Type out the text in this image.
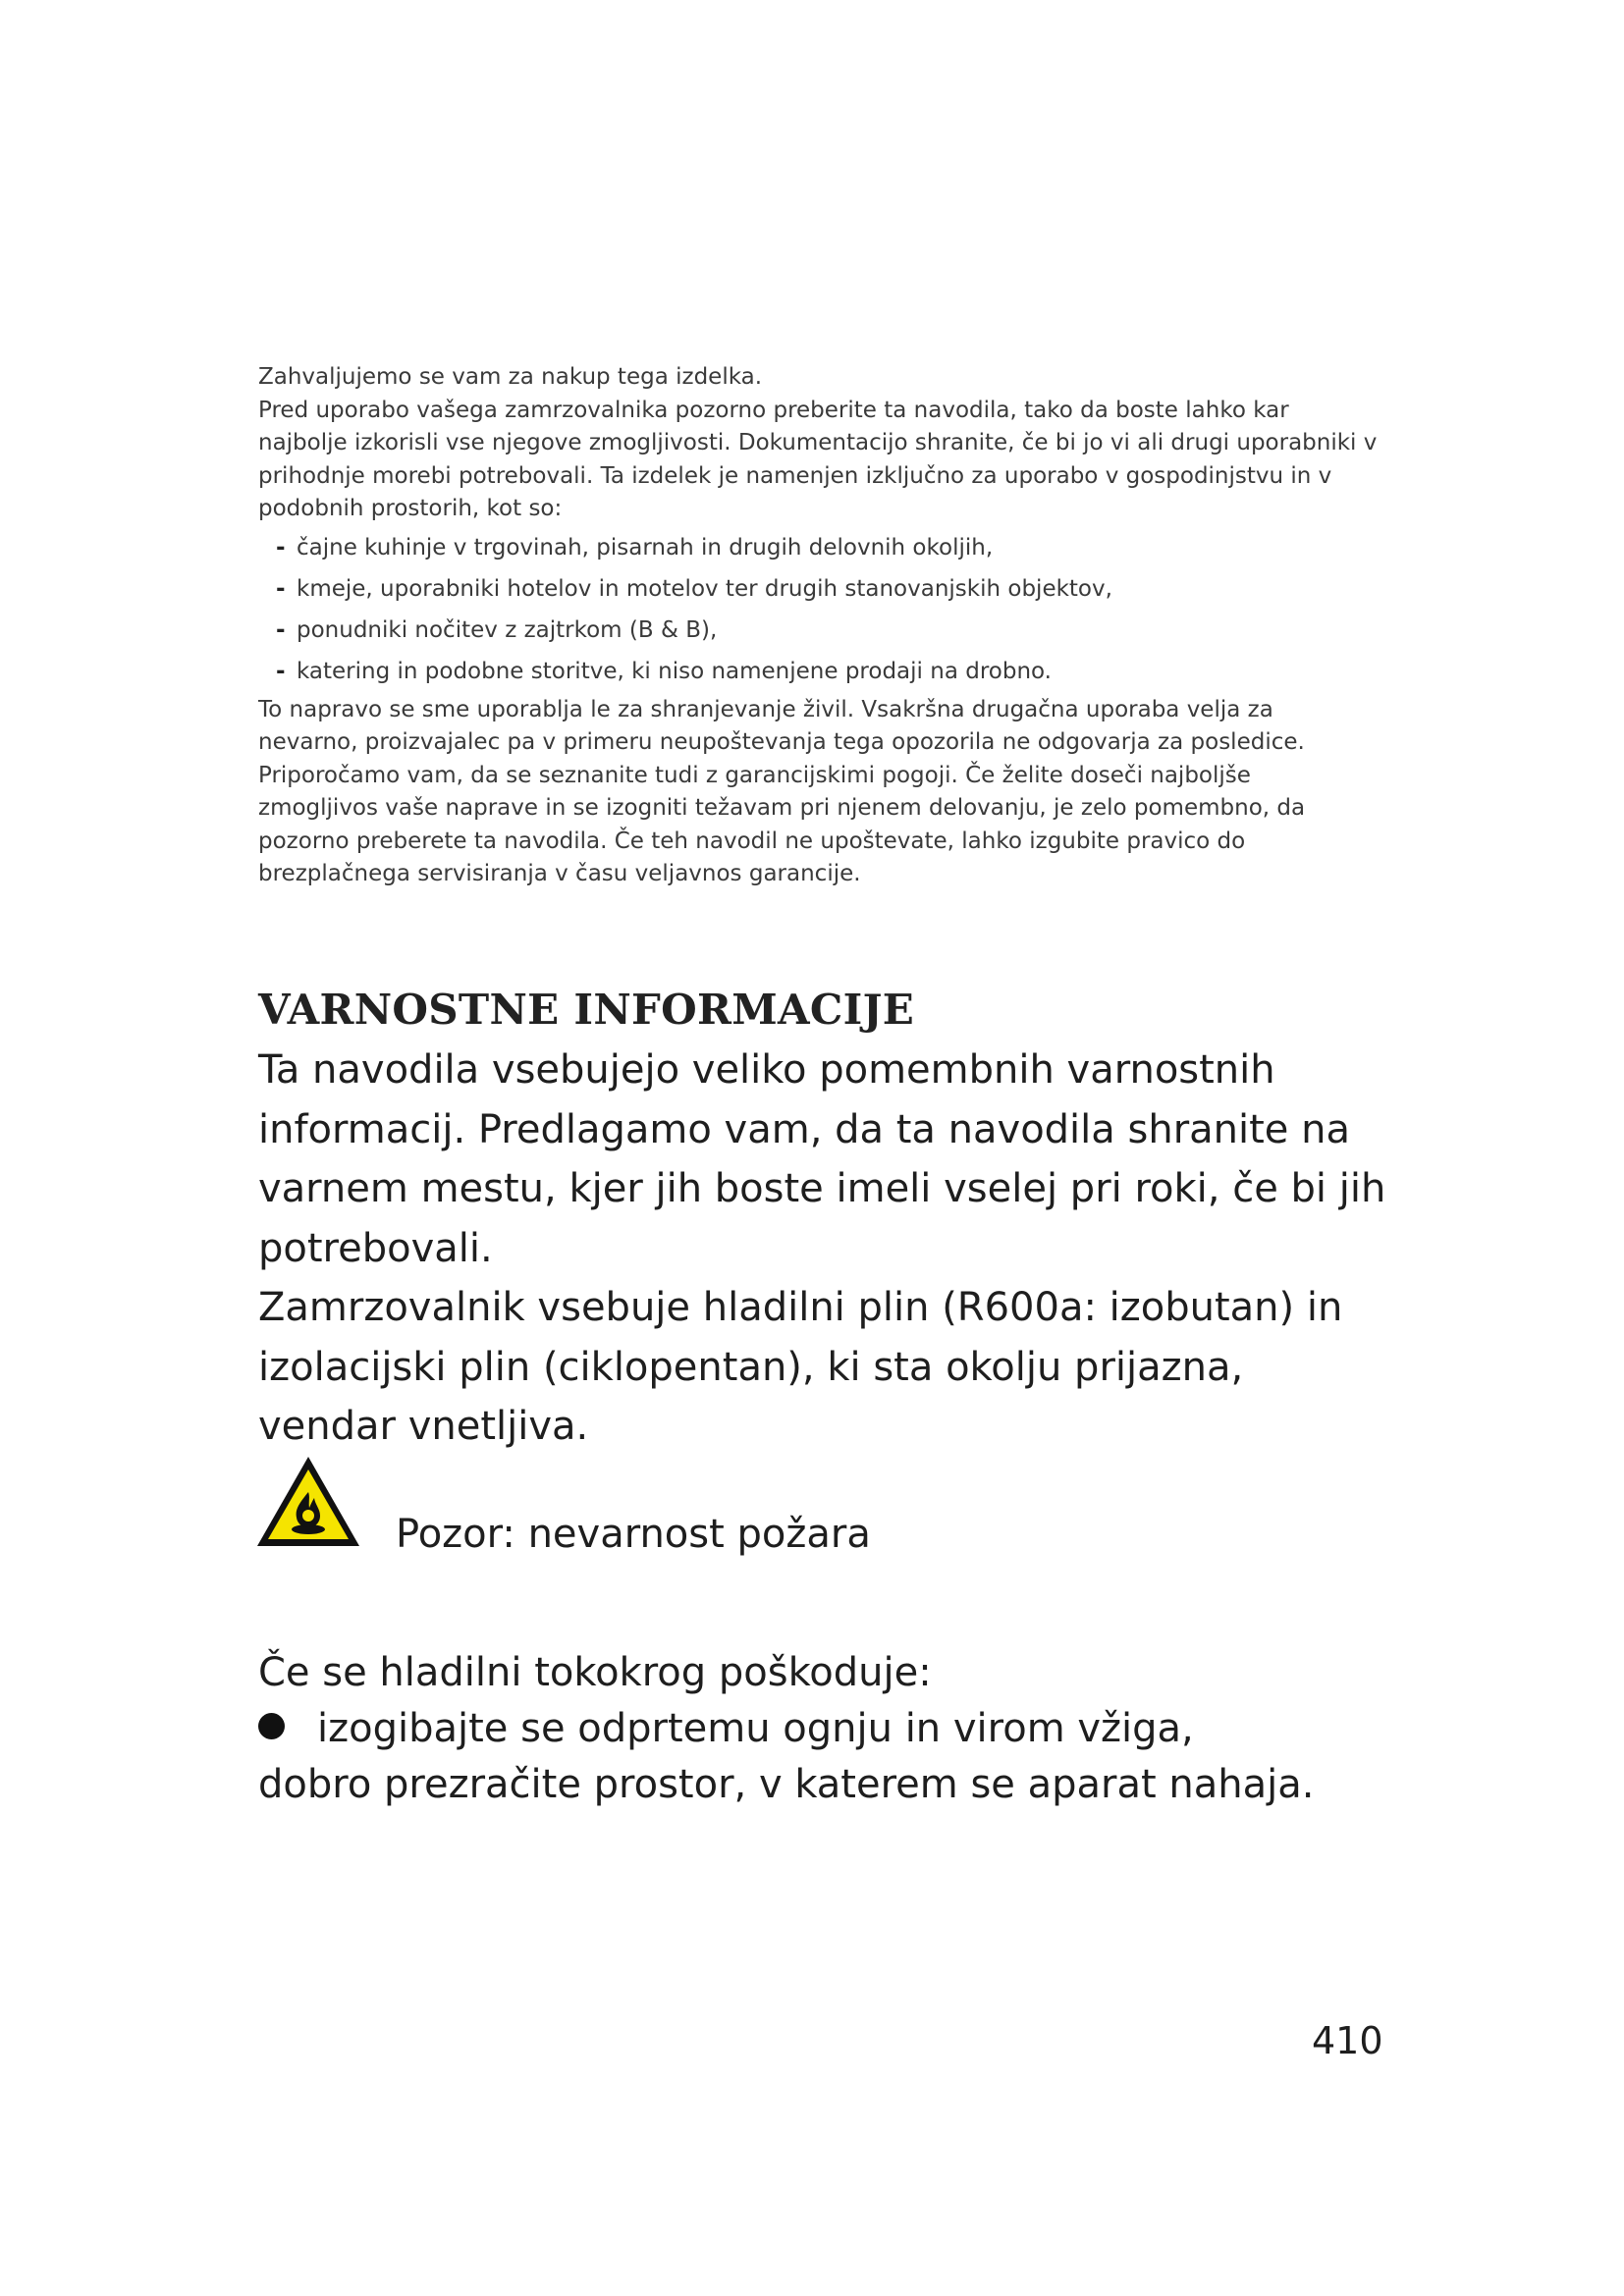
Zahvaljujemo se vam za nakup tega izdelka.

Pred uporabo vašega zamrzovalnika pozorno preberite ta navodila, tako da boste lahko kar najbolje izkorisli vse njegove zmogljivosti. Dokumentacijo shranite, če bi jo vi ali drugi uporabniki v prihodnje morebi potrebovali. Ta izdelek je namenjen izključno za uporabo v gospodinjstvu in v podobnih prostorih, kot so:

- čajne kuhinje v trgovinah, pisarnah in drugih delovnih okoljih,
- kmeje, uporabniki hotelov in motelov ter drugih stanovanjskih objektov,
- ponudniki nočitev z zajtrkom (B & B),
- katering in podobne storitve, ki niso namenjene prodaji na drobno.

To napravo se sme uporablja le za shranjevanje živil. Vsakršna drugačna uporaba velja za nevarno, proizvajalec pa v primeru neupoštevanja tega opozorila ne odgovarja za posledice. Priporočamo vam, da se seznanite tudi z garancijskimi pogoji. Če želite doseči najboljše zmogljivos vaše naprave in se izogniti težavam pri njenem delovanju, je zelo pomembno, da pozorno preberete ta navodila. Če teh navodil ne upoštevate, lahko izgubite pravico do brezplačnega servisiranja v času veljavnos garancije.

VARNOSTNE INFORMACIJE

Ta navodila vsebujejo veliko pomembnih varnostnih informacij. Predlagamo vam, da ta navodila shranite na varnem mestu, kjer jih boste imeli vselej pri roki, če bi jih potrebovali.

Zamrzovalnik vsebuje hladilni plin (R600a: izobutan) in izolacijski plin (ciklopentan), ki sta okolju prijazna, vendar vnetljiva.

Pozor: nevarnost požara

Če se hladilni tokokrog poškoduje:

izogibajte se odprtemu ognju in virom vžiga,

dobro prezračite prostor, v katerem se aparat nahaja.

410
